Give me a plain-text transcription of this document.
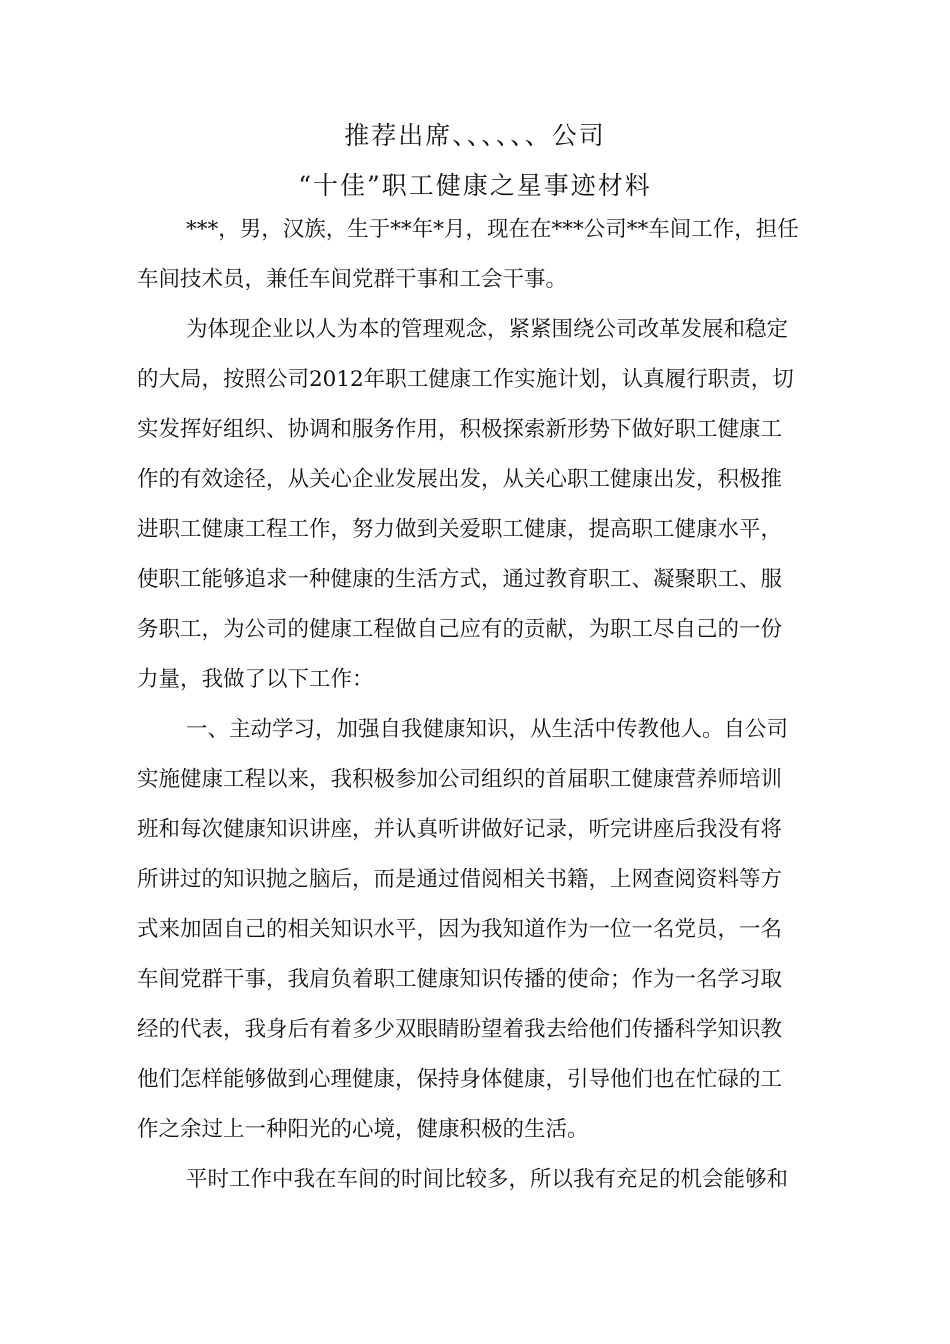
推荐出席、、、、、、公司
“十佳”职工健康之星事迹材料
***，男，汉族，生于**年*月，现在在***公司**车间工作，担任
车间技术员，兼任车间党群干事和工会干事。
为体现企业以人为本的管理观念，紧紧围绕公司改革发展和稳定
的大局，按照公司2012年职工健康工作实施计划，认真履行职责，切
实发挥好组织、协调和服务作用，积极探索新形势下做好职工健康工
作的有效途径，从关心企业发展出发，从关心职工健康出发，积极推
进职工健康工程工作，努力做到关爱职工健康，提高职工健康水平，
使职工能够追求一种健康的生活方式，通过教育职工、凝聚职工、服
务职工，为公司的健康工程做自己应有的贡献，为职工尽自己的一份
力量，我做了以下工作：
一、主动学习，加强自我健康知识，从生活中传教他人。自公司
实施健康工程以来，我积极参加公司组织的首届职工健康营养师培训
班和每次健康知识讲座，并认真听讲做好记录，听完讲座后我没有将
所讲过的知识抛之脑后，而是通过借阅相关书籍，上网查阅资料等方
式来加固自己的相关知识水平，因为我知道作为一位一名党员，一名
车间党群干事，我肩负着职工健康知识传播的使命；作为一名学习取
经的代表，我身后有着多少双眼睛盼望着我去给他们传播科学知识教
他们怎样能够做到心理健康，保持身体健康，引导他们也在忙碌的工
作之余过上一种阳光的心境，健康积极的生活。
平时工作中我在车间的时间比较多，所以我有充足的机会能够和
